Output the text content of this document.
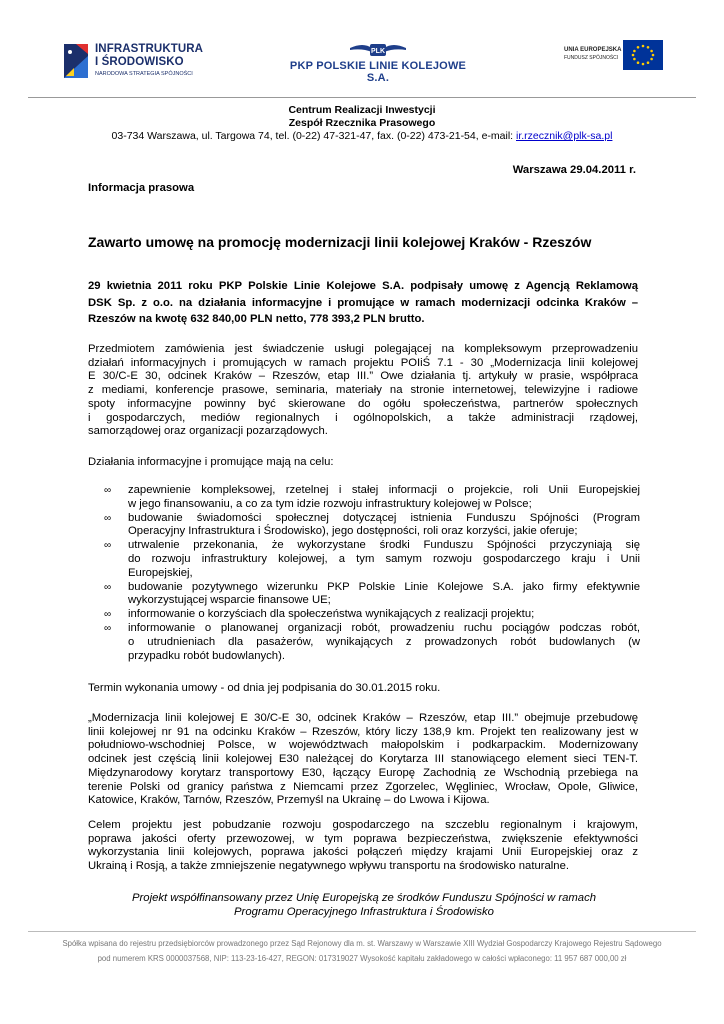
INFRASTRUKTURA
I ŚRODOWISKO
NARODOWA STRATEGIA SPÓJNOŚCI
PLK
PKP POLSKIE LINIE KOLEJOWE S.A.
UNIA EUROPEJSKA
FUNDUSZ SPÓJNOŚCI
Centrum Realizacji Inwestycji
Zespół Rzecznika Prasowego
03-734 Warszawa, ul. Targowa 74, tel. (0-22) 47-321-47, fax. (0-22) 473-21-54, e-mail: ir.rzecznik@plk-sa.pl
Warszawa 29.04.2011 r.
Informacja prasowa
Zawarto umowę na promocję modernizacji linii kolejowej Kraków - Rzeszów
29 kwietnia 2011 roku PKP Polskie Linie Kolejowe S.A. podpisały umowę z Agencją Reklamową
DSK Sp. z o.o. na działania informacyjne i promujące w ramach modernizacji odcinka Kraków –
Rzeszów na kwotę 632 840,00 PLN netto, 778 393,2 PLN brutto.
Przedmiotem zamówienia jest świadczenie usługi polegającej na kompleksowym przeprowadzeniu
działań informacyjnych i promujących w ramach projektu POIiŚ 7.1 - 30 „Modernizacja linii kolejowej
E 30/C-E 30, odcinek Kraków – Rzeszów, etap III.” Owe działania tj. artykuły w prasie, współpraca
z mediami, konferencje prasowe, seminaria, materiały na stronie internetowej, telewizyjne i radiowe
spoty informacyjne powinny być skierowane do ogółu społeczeństwa, partnerów społecznych
i gospodarczych, mediów regionalnych i ogólnopolskich, a także administracji rządowej,
samorządowej oraz organizacji pozarządowych.
Działania informacyjne i promujące mają na celu:
∞ zapewnienie kompleksowej, rzetelnej i stałej informacji o projekcie, roli Unii Europejskiej
w jego finansowaniu, a co za tym idzie rozwoju infrastruktury kolejowej w Polsce;
∞ budowanie świadomości społecznej dotyczącej istnienia Funduszu Spójności (Program
Operacyjny Infrastruktura i Środowisko), jego dostępności, roli oraz korzyści, jakie oferuje;
∞ utrwalenie przekonania, że wykorzystane środki Funduszu Spójności przyczyniają się
do rozwoju infrastruktury kolejowej, a tym samym rozwoju gospodarczego kraju i Unii
Europejskiej,
∞ budowanie pozytywnego wizerunku PKP Polskie Linie Kolejowe S.A. jako firmy efektywnie
wykorzystującej wsparcie finansowe UE;
∞ informowanie o korzyściach dla społeczeństwa wynikających z realizacji projektu;
∞ informowanie o planowanej organizacji robót, prowadzeniu ruchu pociągów podczas robót,
o utrudnieniach dla pasażerów, wynikających z prowadzonych robót budowlanych (w
przypadku robót budowlanych).
Termin wykonania umowy - od dnia jej podpisania do 30.01.2015 roku.
„Modernizacja linii kolejowej E 30/C-E 30, odcinek Kraków – Rzeszów, etap III.” obejmuje przebudowę
linii kolejowej nr 91 na odcinku Kraków – Rzeszów, który liczy 138,9 km. Projekt ten realizowany jest w
południowo-wschodniej Polsce, w województwach małopolskim i podkarpackim. Modernizowany
odcinek jest częścią linii kolejowej E30 należącej do Korytarza III stanowiącego element sieci TEN-T.
Międzynarodowy korytarz transportowy E30, łączący Europę Zachodnią ze Wschodnią przebiega na
terenie Polski od granicy państwa z Niemcami przez Zgorzelec, Węgliniec, Wrocław, Opole, Gliwice,
Katowice, Kraków, Tarnów, Rzeszów, Przemyśl na Ukrainę – do Lwowa i Kijowa.
Celem projektu jest pobudzanie rozwoju gospodarczego na szczeblu regionalnym i krajowym,
poprawa jakości oferty przewozowej, w tym poprawa bezpieczeństwa, zwiększenie efektywności
wykorzystania linii kolejowych, poprawa jakości połączeń między krajami Unii Europejskiej oraz z
Ukrainą i Rosją, a także zmniejszenie negatywnego wpływu transportu na środowisko naturalne.
Projekt współfinansowany przez Unię Europejską ze środków Funduszu Spójności w ramach
Programu Operacyjnego Infrastruktura i Środowisko
Spółka wpisana do rejestru przedsiębiorców prowadzonego przez Sąd Rejonowy dla m. st. Warszawy w Warszawie XIII Wydział Gospodarczy Krajowego Rejestru Sądowego
pod numerem KRS 0000037568, NIP: 113-23-16-427, REGON: 017319027 Wysokość kapitału zakładowego w całości wpłaconego: 11 957 687 000,00 zł
